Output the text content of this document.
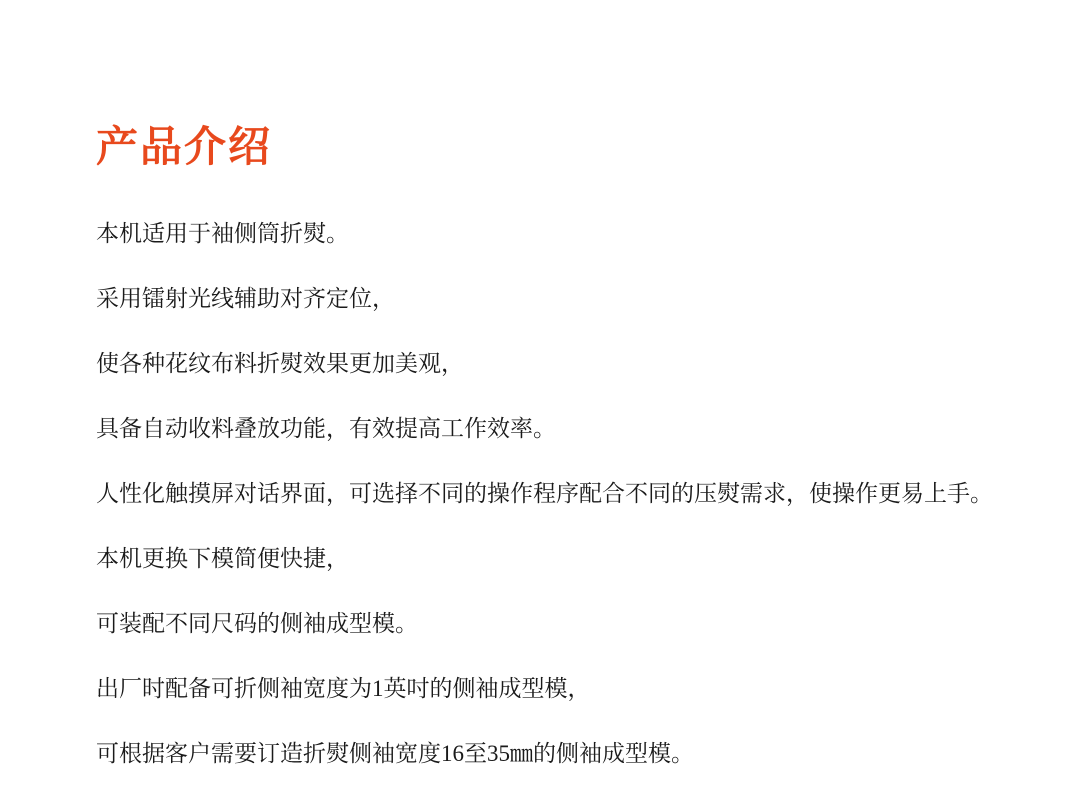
产品介绍

本机适用于袖侧筒折熨。

采用镭射光线辅助对齐定位，

使各种花纹布料折熨效果更加美观，

具备自动收料叠放功能，有效提高工作效率。

人性化触摸屏对话界面，可选择不同的操作程序配合不同的压熨需求，使操作更易上手。

本机更换下模简便快捷，

可装配不同尺码的侧袖成型模。

出厂时配备可折侧袖宽度为1英吋的侧袖成型模，

可根据客户需要订造折熨侧袖宽度16至35㎜的侧袖成型模。
